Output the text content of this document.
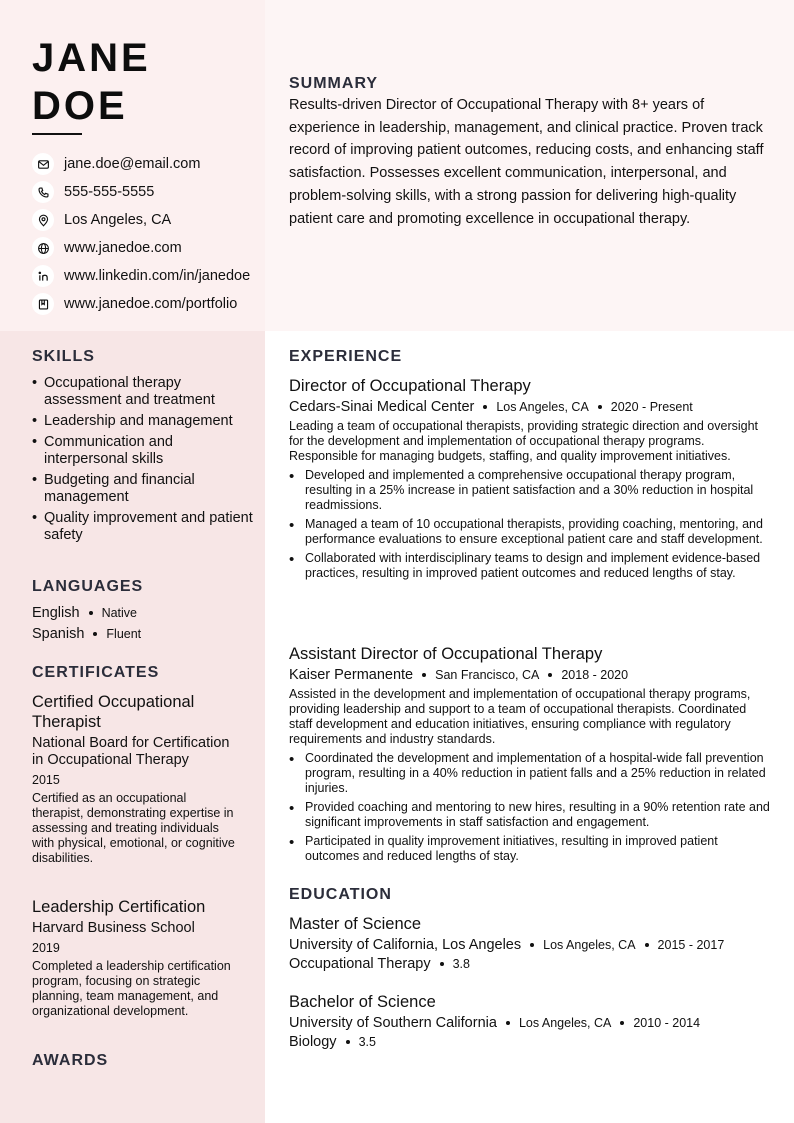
JANE
DOE
jane.doe@email.com
555-555-5555
Los Angeles, CA
www.janedoe.com
www.linkedin.com/in/janedoe
www.janedoe.com/portfolio
SUMMARY
Results-driven Director of Occupational Therapy with 8+ years of experience in leadership, management, and clinical practice. Proven track record of improving patient outcomes, reducing costs, and enhancing staff satisfaction. Possesses excellent communication, interpersonal, and problem-solving skills, with a strong passion for delivering high-quality patient care and promoting excellence in occupational therapy.
SKILLS
• Occupational therapy assessment and treatment
• Leadership and management
• Communication and interpersonal skills
• Budgeting and financial management
• Quality improvement and patient safety
LANGUAGES
English Native
Spanish Fluent
CERTIFICATES
Certified Occupational Therapist
National Board for Certification in Occupational Therapy
2015
Certified as an occupational therapist, demonstrating expertise in assessing and treating individuals with physical, emotional, or cognitive disabilities.
Leadership Certification
Harvard Business School
2019
Completed a leadership certification program, focusing on strategic planning, team management, and organizational development.
AWARDS
EXPERIENCE
Director of Occupational Therapy
Cedars-Sinai Medical Center Los Angeles, CA 2020 - Present
Leading a team of occupational therapists, providing strategic direction and oversight for the development and implementation of occupational therapy programs. Responsible for managing budgets, staffing, and quality improvement initiatives.
• Developed and implemented a comprehensive occupational therapy program, resulting in a 25% increase in patient satisfaction and a 30% reduction in hospital readmissions.
• Managed a team of 10 occupational therapists, providing coaching, mentoring, and performance evaluations to ensure exceptional patient care and staff development.
• Collaborated with interdisciplinary teams to design and implement evidence-based practices, resulting in improved patient outcomes and reduced lengths of stay.
Assistant Director of Occupational Therapy
Kaiser Permanente San Francisco, CA 2018 - 2020
Assisted in the development and implementation of occupational therapy programs, providing leadership and support to a team of occupational therapists. Coordinated staff development and education initiatives, ensuring compliance with regulatory requirements and industry standards.
• Coordinated the development and implementation of a hospital-wide fall prevention program, resulting in a 40% reduction in patient falls and a 25% reduction in related injuries.
• Provided coaching and mentoring to new hires, resulting in a 90% retention rate and significant improvements in staff satisfaction and engagement.
• Participated in quality improvement initiatives, resulting in improved patient outcomes and reduced lengths of stay.
EDUCATION
Master of Science
University of California, Los Angeles Los Angeles, CA 2015 - 2017
Occupational Therapy 3.8
Bachelor of Science
University of Southern California Los Angeles, CA 2010 - 2014
Biology 3.5
